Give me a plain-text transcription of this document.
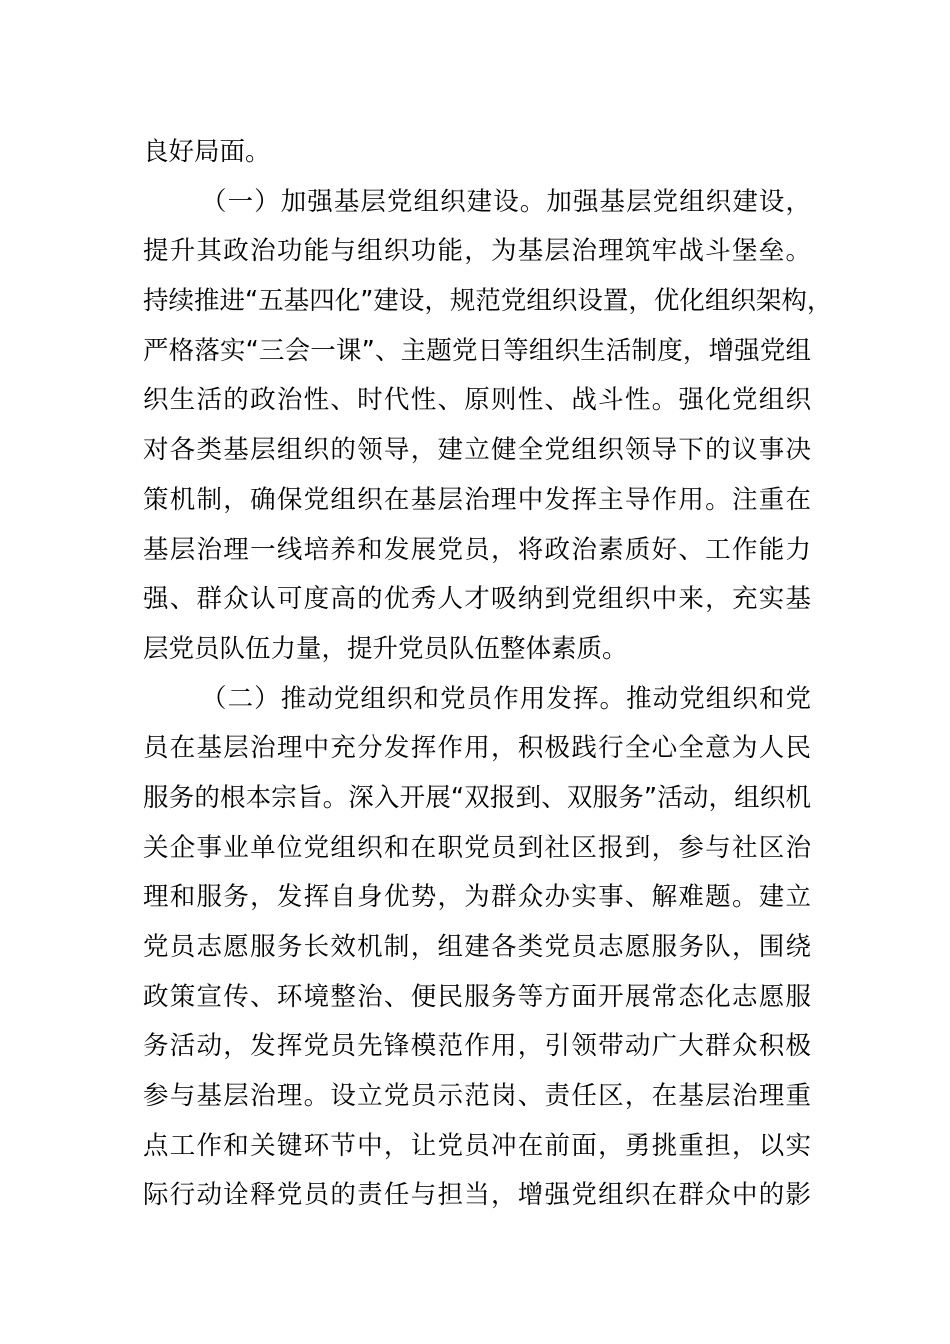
良好局面。
（一）加强基层党组织建设。加强基层党组织建设，
提升其政治功能与组织功能，为基层治理筑牢战斗堡垒。
持续推进“五基四化”建设，规范党组织设置，优化组织架构，
严格落实“三会一课”、主题党日等组织生活制度，增强党组
织生活的政治性、时代性、原则性、战斗性。强化党组织
对各类基层组织的领导，建立健全党组织领导下的议事决
策机制，确保党组织在基层治理中发挥主导作用。注重在
基层治理一线培养和发展党员，将政治素质好、工作能力
强、群众认可度高的优秀人才吸纳到党组织中来，充实基
层党员队伍力量，提升党员队伍整体素质。
（二）推动党组织和党员作用发挥。推动党组织和党
员在基层治理中充分发挥作用，积极践行全心全意为人民
服务的根本宗旨。深入开展“双报到、双服务”活动，组织机
关企事业单位党组织和在职党员到社区报到，参与社区治
理和服务，发挥自身优势，为群众办实事、解难题。建立
党员志愿服务长效机制，组建各类党员志愿服务队，围绕
政策宣传、环境整治、便民服务等方面开展常态化志愿服
务活动，发挥党员先锋模范作用，引领带动广大群众积极
参与基层治理。设立党员示范岗、责任区，在基层治理重
点工作和关键环节中，让党员冲在前面，勇挑重担，以实
际行动诠释党员的责任与担当，增强党组织在群众中的影
